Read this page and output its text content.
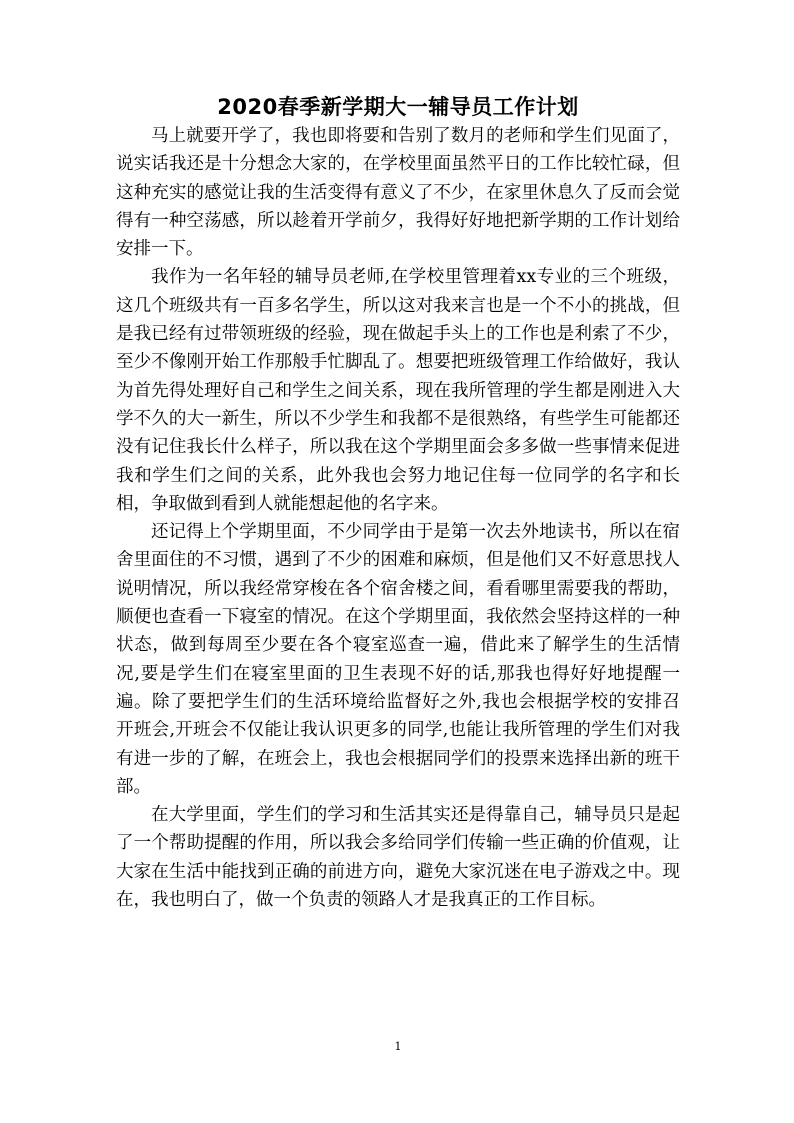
2020春季新学期大一辅导员工作计划

马上就要开学了，我也即将要和告别了数月的老师和学生们见面了，说实话我还是十分想念大家的，在学校里面虽然平日的工作比较忙碌，但这种充实的感觉让我的生活变得有意义了不少，在家里休息久了反而会觉得有一种空荡感，所以趁着开学前夕，我得好好地把新学期的工作计划给安排一下。

我作为一名年轻的辅导员老师,在学校里管理着xx专业的三个班级，这几个班级共有一百多名学生，所以这对我来言也是一个不小的挑战，但是我已经有过带领班级的经验，现在做起手头上的工作也是利索了不少，至少不像刚开始工作那般手忙脚乱了。想要把班级管理工作给做好，我认为首先得处理好自己和学生之间关系，现在我所管理的学生都是刚进入大学不久的大一新生，所以不少学生和我都不是很熟络，有些学生可能都还没有记住我长什么样子，所以我在这个学期里面会多多做一些事情来促进我和学生们之间的关系，此外我也会努力地记住每一位同学的名字和长相，争取做到看到人就能想起他的名字来。

还记得上个学期里面，不少同学由于是第一次去外地读书，所以在宿舍里面住的不习惯，遇到了不少的困难和麻烦，但是他们又不好意思找人说明情况，所以我经常穿梭在各个宿舍楼之间，看看哪里需要我的帮助，顺便也查看一下寝室的情况。在这个学期里面，我依然会坚持这样的一种状态，做到每周至少要在各个寝室巡查一遍，借此来了解学生的生活情况,要是学生们在寝室里面的卫生表现不好的话,那我也得好好地提醒一遍。除了要把学生们的生活环境给监督好之外,我也会根据学校的安排召开班会,开班会不仅能让我认识更多的同学,也能让我所管理的学生们对我有进一步的了解，在班会上，我也会根据同学们的投票来选择出新的班干部。

在大学里面，学生们的学习和生活其实还是得靠自己，辅导员只是起了一个帮助提醒的作用，所以我会多给同学们传输一些正确的价值观，让大家在生活中能找到正确的前进方向，避免大家沉迷在电子游戏之中。现在，我也明白了，做一个负责的领路人才是我真正的工作目标。

1
